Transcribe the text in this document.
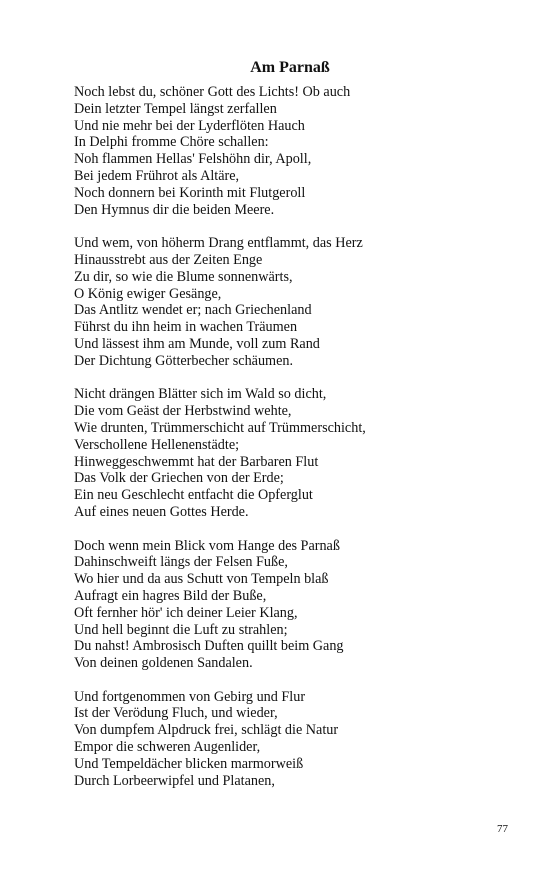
Am Parnaß
Noch lebst du, schöner Gott des Lichts! Ob auch
Dein letzter Tempel längst zerfallen
Und nie mehr bei der Lyderflöten Hauch
In Delphi fromme Chöre schallen:
Noh flammen Hellas' Felshöhn dir, Apoll,
Bei jedem Frührot als Altäre,
Noch donnern bei Korinth mit Flutgeroll
Den Hymnus dir die beiden Meere.
Und wem, von höherm Drang entflammt, das Herz
Hinausstrebt aus der Zeiten Enge
Zu dir, so wie die Blume sonnenwärts,
O König ewiger Gesänge,
Das Antlitz wendet er; nach Griechenland
Führst du ihn heim in wachen Träumen
Und lässest ihm am Munde, voll zum Rand
Der Dichtung Götterbecher schäumen.
Nicht drängen Blätter sich im Wald so dicht,
Die vom Geäst der Herbstwind wehte,
Wie drunten, Trümmerschicht auf Trümmerschicht,
Verschollene Hellenenstädte;
Hinweggeschwemmt hat der Barbaren Flut
Das Volk der Griechen von der Erde;
Ein neu Geschlecht entfacht die Opferglut
Auf eines neuen Gottes Herde.
Doch wenn mein Blick vom Hange des Parnaß
Dahinschweift längs der Felsen Fuße,
Wo hier und da aus Schutt von Tempeln blaß
Aufragt ein hagres Bild der Buße,
Oft fernher hör' ich deiner Leier Klang,
Und hell beginnt die Luft zu strahlen;
Du nahst! Ambrosisch Duften quillt beim Gang
Von deinen goldenen Sandalen.
Und fortgenommen von Gebirg und Flur
Ist der Verödung Fluch, und wieder,
Von dumpfem Alpdruck frei, schlägt die Natur
Empor die schweren Augenlider,
Und Tempeldächer blicken marmorweiß
Durch Lorbeerwipfel und Platanen,
77
